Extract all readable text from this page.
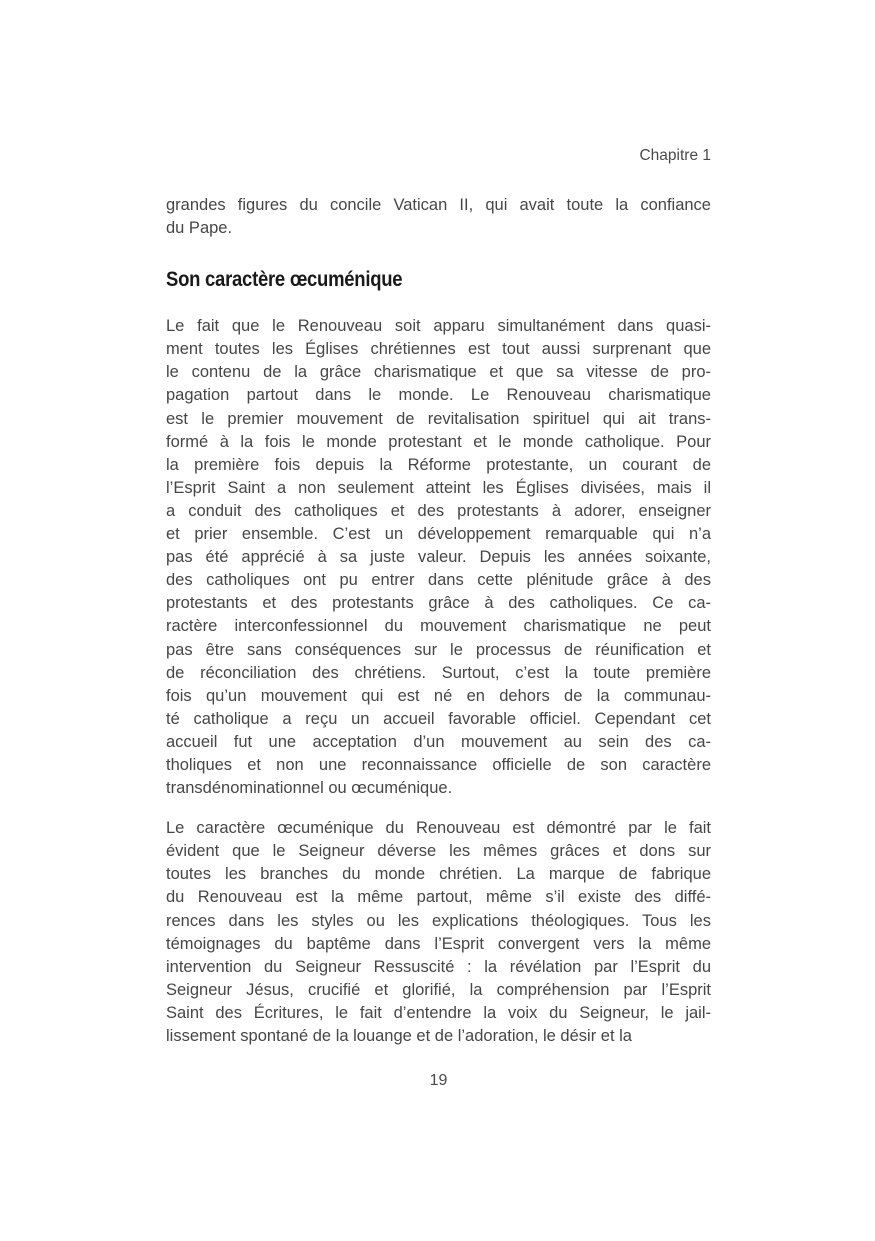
Chapitre 1
grandes figures du concile Vatican II, qui avait toute la confiance
du Pape.
Son caractère œcuménique
Le fait que le Renouveau soit apparu simultanément dans quasi-
ment toutes les Églises chrétiennes est tout aussi surprenant que
le contenu de la grâce charismatique et que sa vitesse de pro-
pagation partout dans le monde. Le Renouveau charismatique
est le premier mouvement de revitalisation spirituel qui ait trans-
formé à la fois le monde protestant et le monde catholique. Pour
la première fois depuis la Réforme protestante, un courant de
l’Esprit Saint a non seulement atteint les Églises divisées, mais il
a conduit des catholiques et des protestants à adorer, enseigner
et prier ensemble. C’est un développement remarquable qui n’a
pas été apprécié à sa juste valeur. Depuis les années soixante,
des catholiques ont pu entrer dans cette plénitude grâce à des
protestants et des protestants grâce à des catholiques. Ce ca-
ractère interconfessionnel du mouvement charismatique ne peut
pas être sans conséquences sur le processus de réunification et
de réconciliation des chrétiens. Surtout, c’est la toute première
fois qu’un mouvement qui est né en dehors de la communau-
té catholique a reçu un accueil favorable officiel. Cependant cet
accueil fut une acceptation d’un mouvement au sein des ca-
tholiques et non une reconnaissance officielle de son caractère
transdénominationnel ou œcuménique.
Le caractère œcuménique du Renouveau est démontré par le fait
évident que le Seigneur déverse les mêmes grâces et dons sur
toutes les branches du monde chrétien. La marque de fabrique
du Renouveau est la même partout, même s’il existe des diffé-
rences dans les styles ou les explications théologiques. Tous les
témoignages du baptême dans l’Esprit convergent vers la même
intervention du Seigneur Ressuscité : la révélation par l’Esprit du
Seigneur Jésus, crucifié et glorifié, la compréhension par l’Esprit
Saint des Écritures, le fait d’entendre la voix du Seigneur, le jail-
lissement spontané de la louange et de l’adoration, le désir et la
19
